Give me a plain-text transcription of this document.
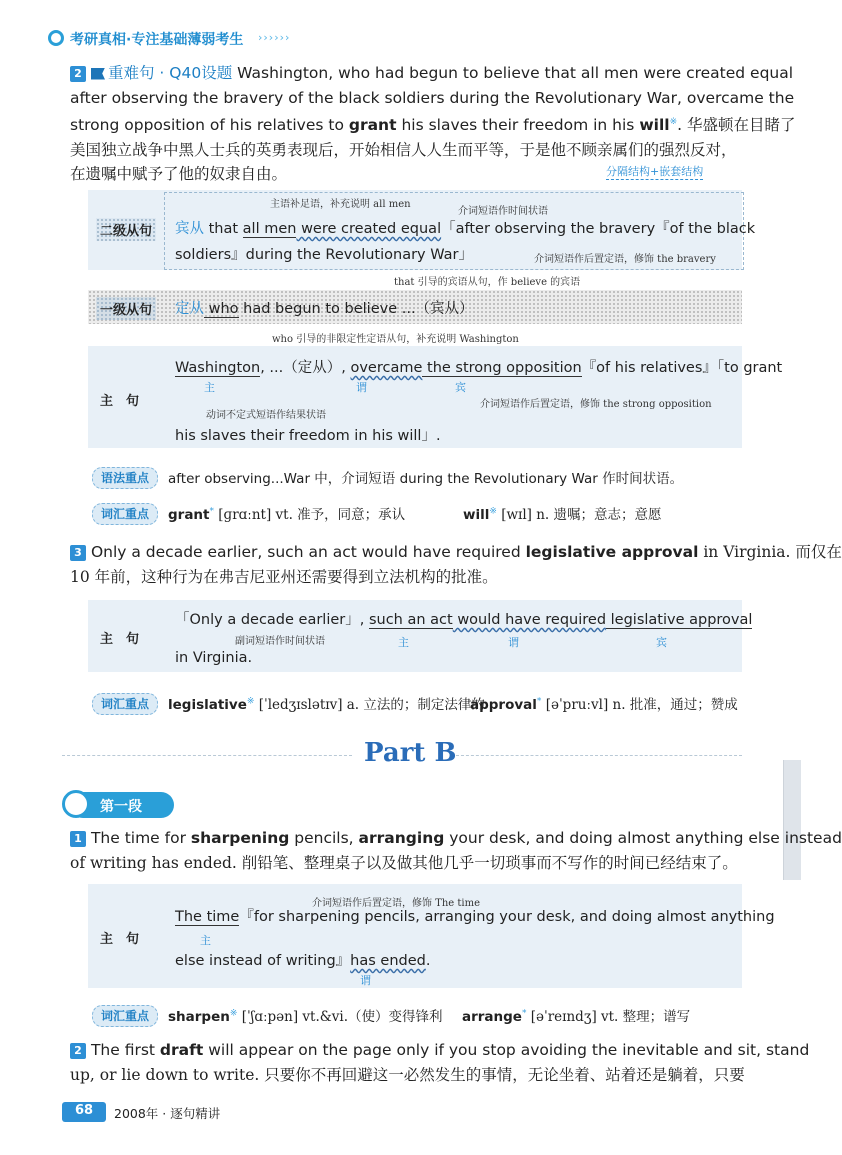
考研真相·专注基础薄弱考生 ››››››
2 重难句 · Q40设题 Washington, who had begun to believe that all men were created equal
after observing the bravery of the black soldiers during the Revolutionary War, overcame the
strong opposition of his relatives to grant his slaves their freedom in his will※. 华盛顿在目睹了
美国独立战争中黑人士兵的英勇表现后，开始相信人人生而平等，于是他不顾亲属们的强烈反对，
在遗嘱中赋予了他的奴隶自由。	分隔结构+嵌套结构
二级从句
主语补足语，补充说明 all men
介词短语作时间状语
宾从 that all men were created equal「after observing the bravery『of the black
soldiers』during the Revolutionary War」	介词短语作后置定语，修饰 the bravery
that 引导的宾语从句，作 believe 的宾语
一级从句 定从 who had begun to believe ...（宾从）
who 引导的非限定性定语从句，补充说明 Washington
主　句
Washington, ...（定从）, overcame the strong opposition『of his relatives』「to grant
主	谓	宾
介词短语作后置定语，修饰 the strong opposition
动词不定式短语作结果状语
his slaves their freedom in his will」.
语法重点	after observing...War 中，介词短语 during the Revolutionary War 作时间状语。
词汇重点	grant* [ɡrɑːnt] vt. 准予，同意；承认	will※ [wɪl] n. 遗嘱；意志；意愿
3 Only a decade earlier, such an act would have required legislative approval in Virginia. 而仅在
10 年前，这种行为在弗吉尼亚州还需要得到立法机构的批准。
主　句
「Only a decade earlier」, such an act would have required legislative approval
副词短语作时间状语	主	谓	宾
in Virginia.
词汇重点	legislative※ [ˈledʒɪslətɪv] a. 立法的；制定法律的
approval* [əˈpruːvl] n. 批准，通过；赞成
Part B
第一段
1 The time for sharpening pencils, arranging your desk, and doing almost anything else instead
of writing has ended. 削铅笔、整理桌子以及做其他几乎一切琐事而不写作的时间已经结束了。
主　句
介词短语作后置定语，修饰 The time
The time『for sharpening pencils, arranging your desk, and doing almost anything
主
else instead of writing』has ended.
谓
词汇重点	sharpen※ [ˈʃɑːpən] vt.&vi.（使）变得锋利 arrange* [əˈreɪndʒ] vt. 整理；谱写
2 The first draft will appear on the page only if you stop avoiding the inevitable and sit, stand
up, or lie down to write. 只要你不再回避这一必然发生的事情，无论坐着、站着还是躺着，只要
68	2008年 · 逐句精讲
